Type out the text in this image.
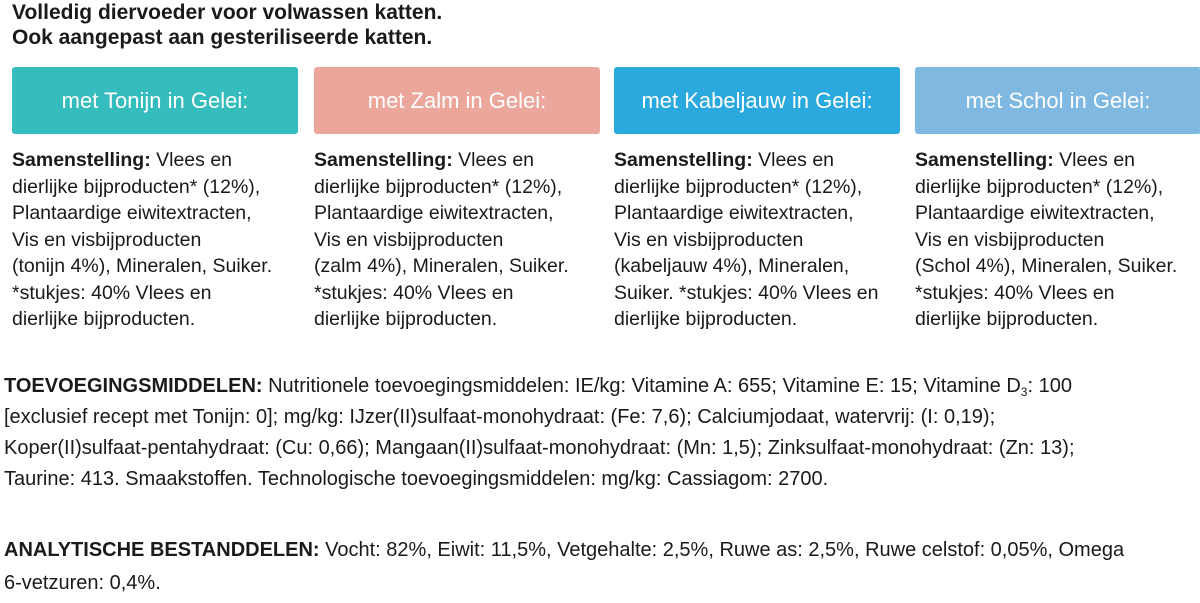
Volledig diervoeder voor volwassen katten.
Ook aangepast aan gesteriliseerde katten.
met Tonijn in Gelei:
Samenstelling: Vlees en
dierlijke bijproducten* (12%),
Plantaardige eiwitextracten,
Vis en visbijproducten
(tonijn 4%), Mineralen, Suiker.
*stukjes: 40% Vlees en
dierlijke bijproducten.
met Zalm in Gelei:
Samenstelling: Vlees en
dierlijke bijproducten* (12%),
Plantaardige eiwitextracten,
Vis en visbijproducten
(zalm 4%), Mineralen, Suiker.
*stukjes: 40% Vlees en
dierlijke bijproducten.
met Kabeljauw in Gelei:
Samenstelling: Vlees en
dierlijke bijproducten* (12%),
Plantaardige eiwitextracten,
Vis en visbijproducten
(kabeljauw 4%), Mineralen,
Suiker. *stukjes: 40% Vlees en
dierlijke bijproducten.
met Schol in Gelei:
Samenstelling: Vlees en
dierlijke bijproducten* (12%),
Plantaardige eiwitextracten,
Vis en visbijproducten
(Schol 4%), Mineralen, Suiker.
*stukjes: 40% Vlees en
dierlijke bijproducten.
TOEVOEGINGSMIDDELEN: Nutritionele toevoegingsmiddelen: IE/kg: Vitamine A: 655; Vitamine E: 15; Vitamine $D_3$: 100
[exclusief recept met Tonijn: 0]; mg/kg: IJzer(II)sulfaat-monohydraat: (Fe: 7,6); Calciumjodaat, watervrij: (I: 0,19);
Koper(II)sulfaat-pentahydraat: (Cu: 0,66); Mangaan(II)sulfaat-monohydraat: (Mn: 1,5); Zinksulfaat-monohydraat: (Zn: 13);
Taurine: 413. Smaakstoffen. Technologische toevoegingsmiddelen: mg/kg: Cassiagom: 2700.
ANALYTISCHE BESTANDDELEN: Vocht: 82%, Eiwit: 11,5%, Vetgehalte: 2,5%, Ruwe as: 2,5%, Ruwe celstof: 0,05%, Omega
6-vetzuren: 0,4%.
